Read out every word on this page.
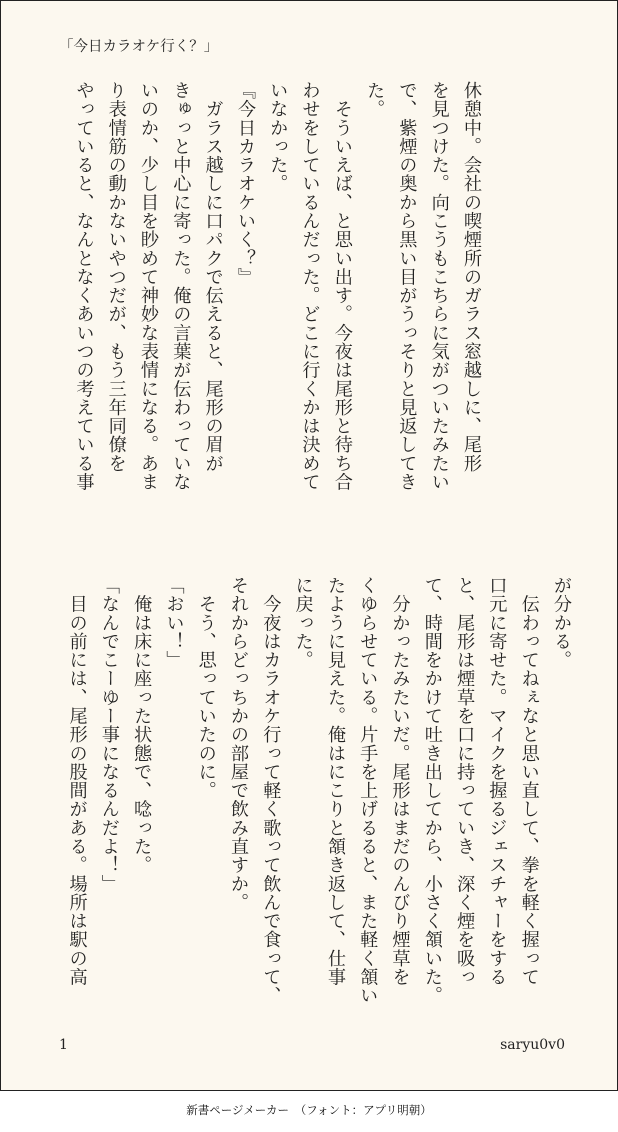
「今日カラオケ行く？」

休憩中。会社の喫煙所のガラス窓越しに、尾形

を見つけた。向こうもこちらに気がついたみたい

で、紫煙の奥から黒い目がうっそりと見返してき

た。

　そういえば、と思い出す。今夜は尾形と待ち合

わせをしているんだった。どこに行くかは決めて

いなかった。

『今日カラオケいく？』

　ガラス越しに口パクで伝えると、尾形の眉が

きゅっと中心に寄った。俺の言葉が伝わっていな

いのか、少し目を眇めて神妙な表情になる。あま

り表情筋の動かないやつだが、もう三年同僚を

やっていると、なんとなくあいつの考えている事

が分かる。

　伝わってねぇなと思い直して、拳を軽く握って

口元に寄せた。マイクを握るジェスチャーをする

と、尾形は煙草を口に持っていき、深く煙を吸っ

て、時間をかけて吐き出してから、小さく頷いた。

　分かったみたいだ。尾形はまだのんびり煙草を

くゆらせている。片手を上げるると、また軽く頷い

たように見えた。俺はにこりと頷き返して、仕事

に戻った。

　今夜はカラオケ行って軽く歌って飲んで食って、

それからどっちかの部屋で飲み直すか。

　そう、思っていたのに。

「おい！」

　俺は床に座った状態で、唸った。

「なんでこーゆー事になるんだよ！」

　目の前には、尾形の股間がある。場所は駅の高

1	saryu0v0
新書ページメーカー　（フォント：アプリ明朝）
